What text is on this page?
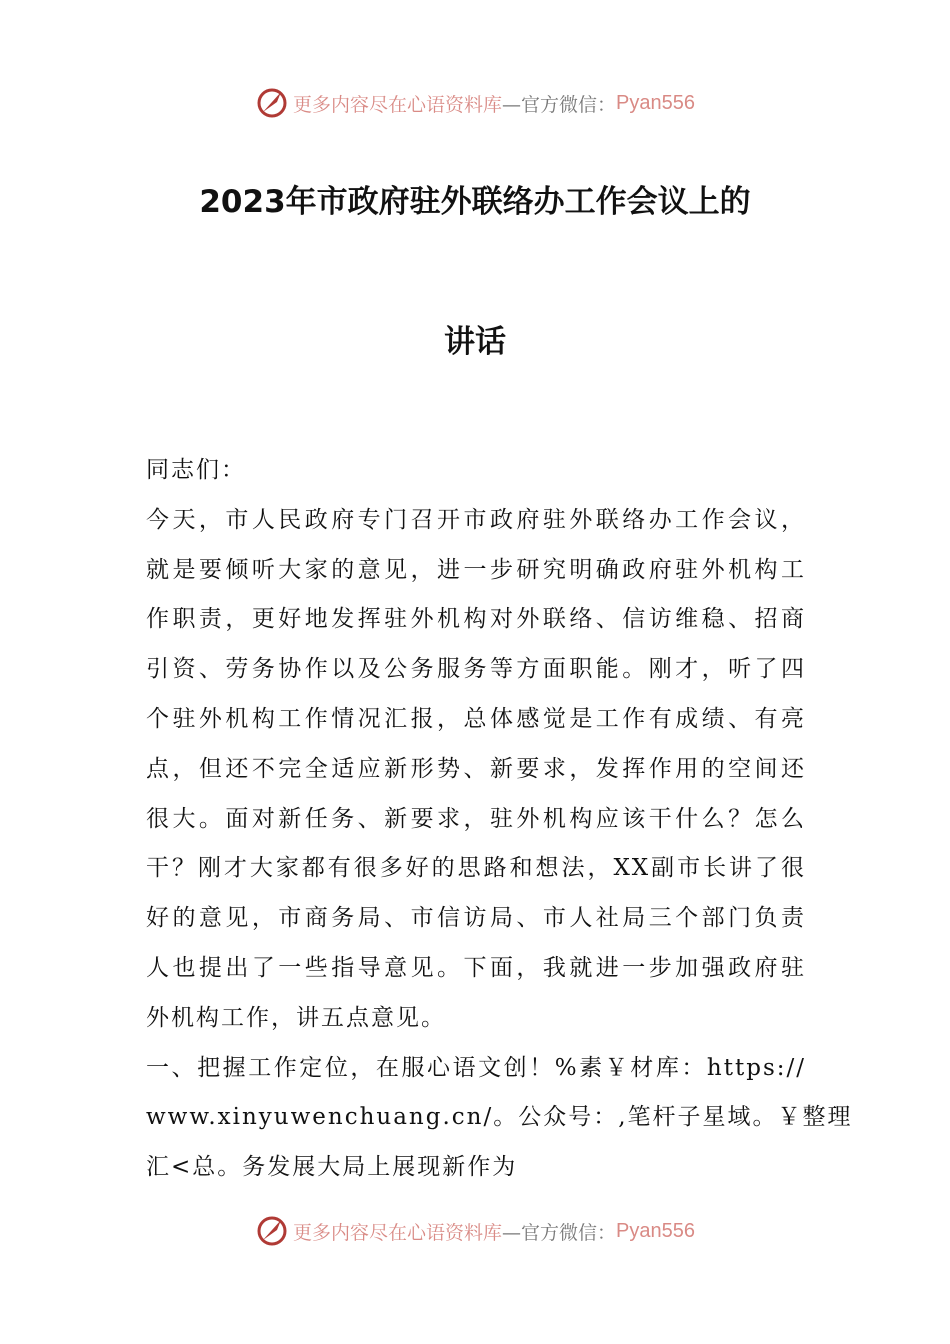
更多内容尽在心语资料库 —官方微信： Pyan556
2023年市政府驻外联络办工作会议上的
讲话
同志们：
今天，市人民政府专门召开市政府驻外联络办工作会议，
就是要倾听大家的意见，进一步研究明确政府驻外机构工
作职责，更好地发挥驻外机构对外联络、信访维稳、招商
引资、劳务协作以及公务服务等方面职能。刚才，听了四
个驻外机构工作情况汇报，总体感觉是工作有成绩、有亮
点，但还不完全适应新形势、新要求，发挥作用的空间还
很大。面对新任务、新要求，驻外机构应该干什么？怎么
干？刚才大家都有很多好的思路和想法，XX副市长讲了很
好的意见，市商务局、市信访局、市人社局三个部门负责
人也提出了一些指导意见。下面，我就进一步加强政府驻
外机构工作，讲五点意见。
一、把握工作定位，在服心语文创！%素￥材库：https://
www.xinyuwenchuang.cn/。公众号：,笔杆子星域。￥整理
汇<总。务发展大局上展现新作为
更多内容尽在心语资料库 —官方微信： Pyan556
